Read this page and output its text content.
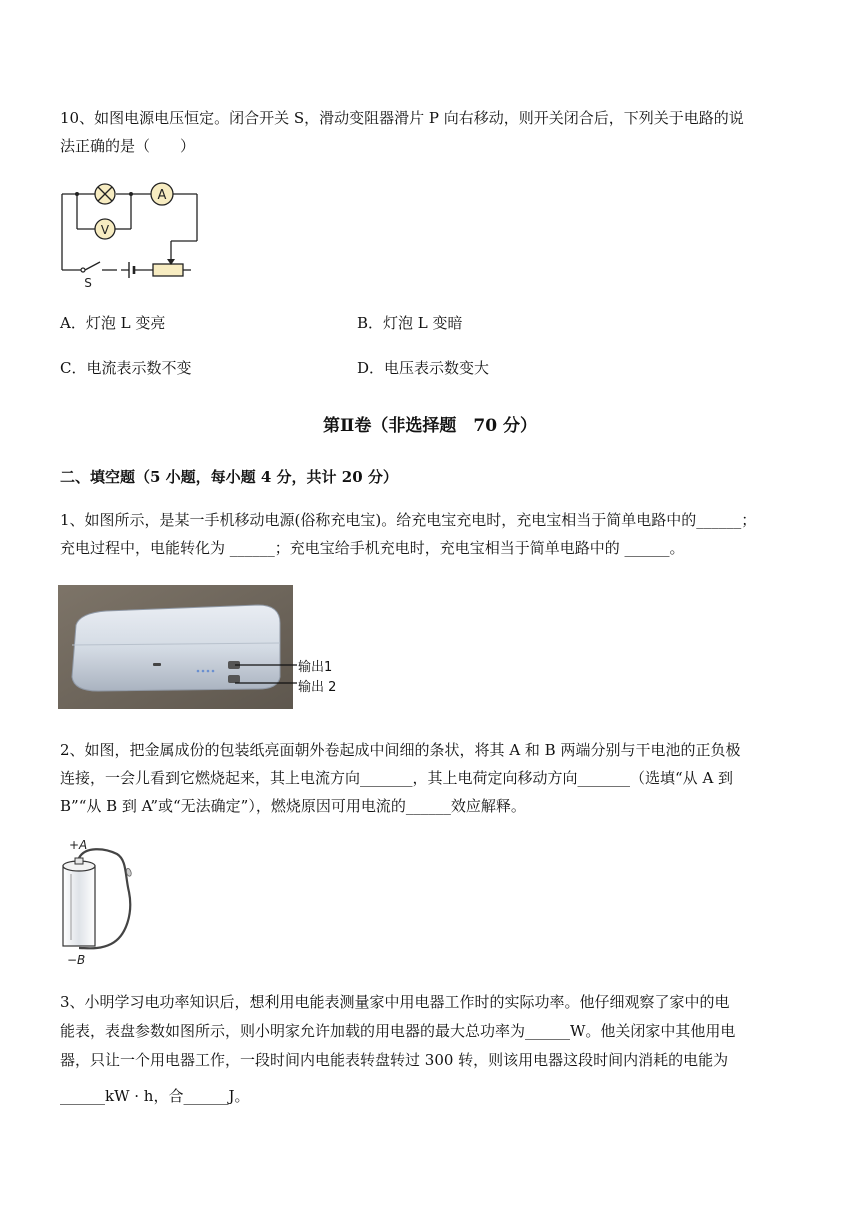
10、如图电源电压恒定。闭合开关 S，滑动变阻器滑片 P 向右移动，则开关闭合后，下列关于电路的说
法正确的是（　　）
A
V
S
A．灯泡 L 变亮	B．灯泡 L 变暗
C．电流表示数不变	D．电压表示数变大
第Ⅱ卷（非选择题　70 分）
二、填空题（5 小题，每小题 4 分，共计 20 分）
1、如图所示，是某一手机移动电源(俗称充电宝)。给充电宝充电时，充电宝相当于简单电路中的______；
充电过程中，电能转化为 ______；充电宝给手机充电时，充电宝相当于简单电路中的 ______。
输出1
输出 2
2、如图，把金属成份的包装纸亮面朝外卷起成中间细的条状，将其 A 和 B 两端分别与干电池的正负极
连接，一会儿看到它燃烧起来，其上电流方向_______，其上电荷定向移动方向_______（选填“从 A 到
B”“从 B 到 A”或“无法确定”），燃烧原因可用电流的______效应解释。
+A
−B
3、小明学习电功率知识后，想利用电能表测量家中用电器工作时的实际功率。他仔细观察了家中的电
能表，表盘参数如图所示，则小明家允许加载的用电器的最大总功率为______W。他关闭家中其他用电
器，只让一个用电器工作，一段时间内电能表转盘转过 300 转，则该用电器这段时间内消耗的电能为
______kW · h，合______J。
